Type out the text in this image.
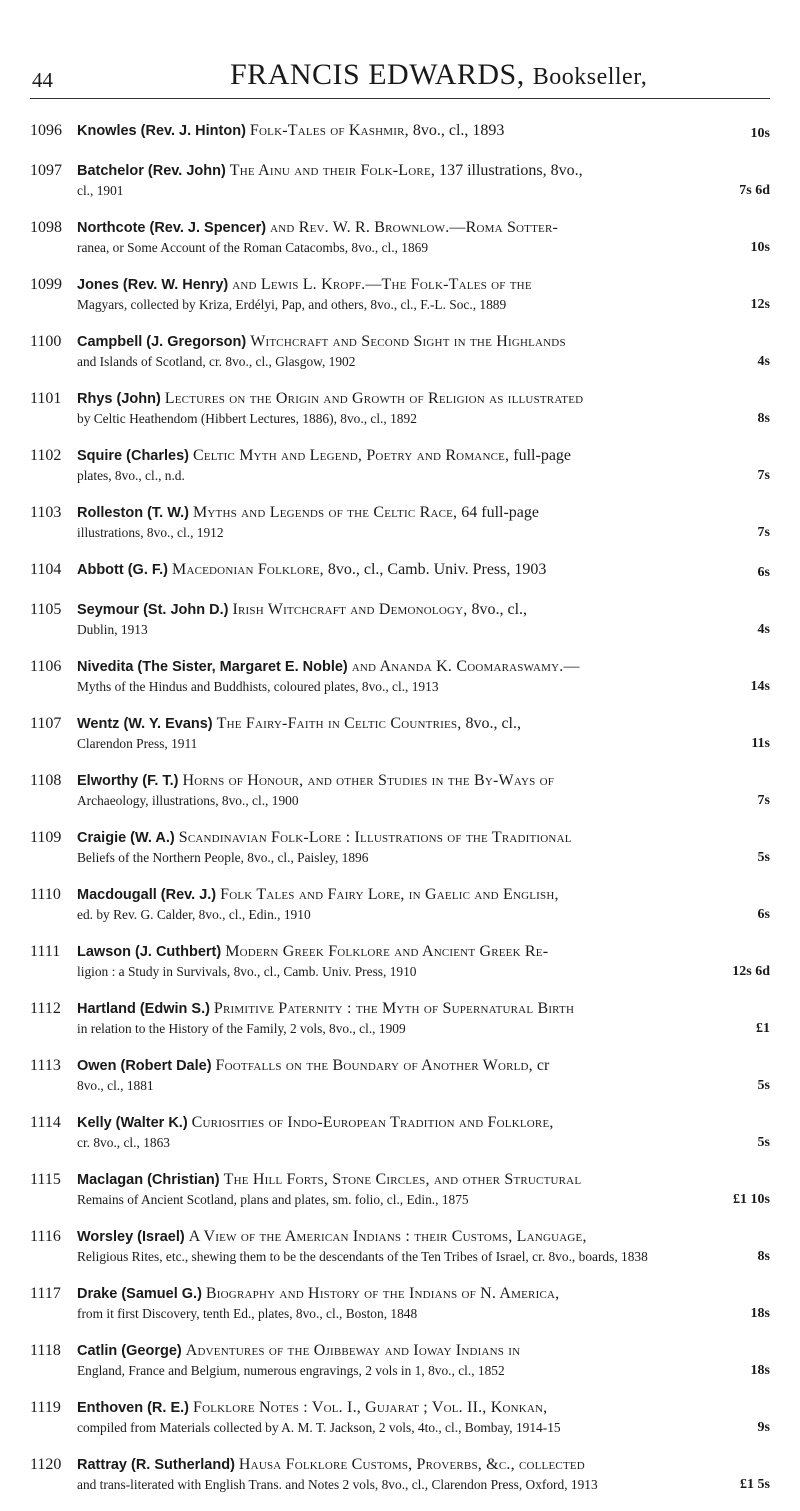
44	FRANCIS EDWARDS, Bookseller,
1096 Knowles (Rev. J. Hinton) Folk-Tales of Kashmir, 8vo., cl., 1893	10s
1097 Batchelor (Rev. John) The Ainu and their Folk-Lore, 137 illustrations, 8vo.,
cl., 1901	7s 6d
1098 Northcote (Rev. J. Spencer) and Rev. W. R. Brownlow.—Roma Sotter-
ranea, or Some Account of the Roman Catacombs, 8vo., cl., 1869	10s
1099 Jones (Rev. W. Henry) and Lewis L. Kropf.—The Folk-Tales of the
Magyars, collected by Kriza, Erdélyi, Pap, and others, 8vo., cl., F.-L. Soc., 1889	12s
1100 Campbell (J. Gregorson) Witchcraft and Second Sight in the Highlands
and Islands of Scotland, cr. 8vo., cl., Glasgow, 1902	4s
1101 Rhys (John) Lectures on the Origin and Growth of Religion as illustrated
by Celtic Heathendom (Hibbert Lectures, 1886), 8vo., cl., 1892	8s
1102 Squire (Charles) Celtic Myth and Legend, Poetry and Romance, full-page
plates, 8vo., cl., n.d.	7s
1103 Rolleston (T. W.) Myths and Legends of the Celtic Race, 64 full-page
illustrations, 8vo., cl., 1912	7s
1104 Abbott (G. F.) Macedonian Folklore, 8vo., cl., Camb. Univ. Press, 1903	6s
1105 Seymour (St. John D.) Irish Witchcraft and Demonology, 8vo., cl.,
Dublin, 1913	4s
1106 Nivedita (The Sister, Margaret E. Noble) and Ananda K. Coomaraswamy.—
Myths of the Hindus and Buddhists, coloured plates, 8vo., cl., 1913	14s
1107 Wentz (W. Y. Evans) The Fairy-Faith in Celtic Countries, 8vo., cl.,
Clarendon Press, 1911	11s
1108 Elworthy (F. T.) Horns of Honour, and other Studies in the By-Ways of
Archaeology, illustrations, 8vo., cl., 1900	7s
1109 Craigie (W. A.) Scandinavian Folk-Lore : Illustrations of the Traditional
Beliefs of the Northern People, 8vo., cl., Paisley, 1896	5s
1110 Macdougall (Rev. J.) Folk Tales and Fairy Lore, in Gaelic and English,
ed. by Rev. G. Calder, 8vo., cl., Edin., 1910	6s
1111 Lawson (J. Cuthbert) Modern Greek Folklore and Ancient Greek Re-
ligion : a Study in Survivals, 8vo., cl., Camb. Univ. Press, 1910	12s 6d
1112 Hartland (Edwin S.) Primitive Paternity : the Myth of Supernatural Birth
in relation to the History of the Family, 2 vols, 8vo., cl., 1909	£1
1113 Owen (Robert Dale) Footfalls on the Boundary of Another World, cr
8vo., cl., 1881	5s
1114 Kelly (Walter K.) Curiosities of Indo-European Tradition and Folklore,
cr. 8vo., cl., 1863	5s
1115 Maclagan (Christian) The Hill Forts, Stone Circles, and other Structural
Remains of Ancient Scotland, plans and plates, sm. folio, cl., Edin., 1875	£1 10s
1116 Worsley (Israel) A View of the American Indians : their Customs, Language,
Religious Rites, etc., shewing them to be the descendants of the Ten Tribes of Israel, cr. 8vo., boards, 1838	8s
1117 Drake (Samuel G.) Biography and History of the Indians of N. America,
from it first Discovery, tenth Ed., plates, 8vo., cl., Boston, 1848	18s
1118 Catlin (George) Adventures of the Ojibbeway and Ioway Indians in
England, France and Belgium, numerous engravings, 2 vols in 1, 8vo., cl., 1852	18s
1119 Enthoven (R. E.) Folklore Notes : Vol. I., Gujarat ; Vol. II., Konkan,
compiled from Materials collected by A. M. T. Jackson, 2 vols, 4to., cl., Bombay, 1914-15	9s
1120 Rattray (R. Sutherland) Hausa Folklore Customs, Proverbs, &c., collected
and trans-literated with English Trans. and Notes 2 vols, 8vo., cl., Clarendon Press, Oxford, 1913	£1 5s
